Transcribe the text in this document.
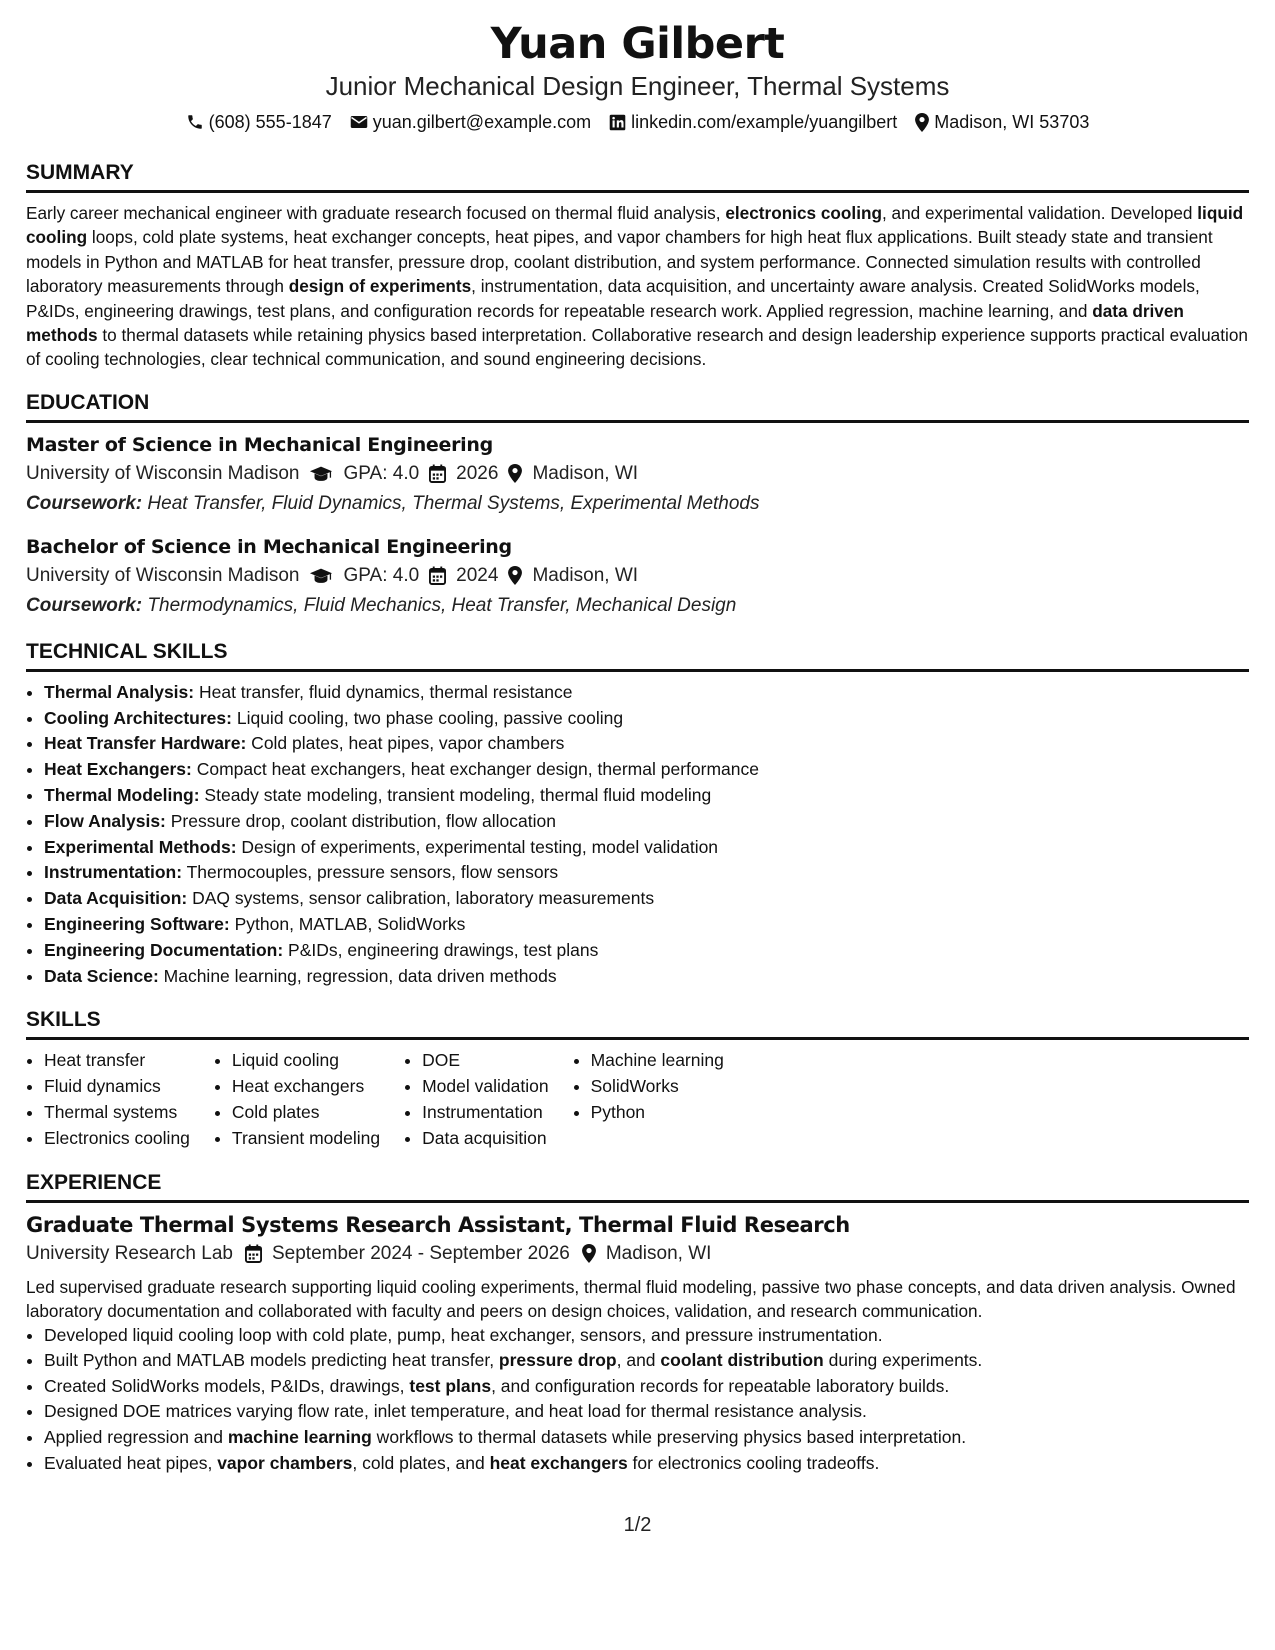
Yuan Gilbert
Junior Mechanical Design Engineer, Thermal Systems
(608) 555-1847 yuan.gilbert@example.com linkedin.com/example/yuangilbert Madison, WI 53703
SUMMARY
Early career mechanical engineer with graduate research focused on thermal fluid analysis, electronics cooling, and experimental validation. Developed liquid cooling loops, cold plate systems, heat exchanger concepts, heat pipes, and vapor chambers for high heat flux applications. Built steady state and transient models in Python and MATLAB for heat transfer, pressure drop, coolant distribution, and system performance. Connected simulation results with controlled laboratory measurements through design of experiments, instrumentation, data acquisition, and uncertainty aware analysis. Created SolidWorks models, P&IDs, engineering drawings, test plans, and configuration records for repeatable research work. Applied regression, machine learning, and data driven methods to thermal datasets while retaining physics based interpretation. Collaborative research and design leadership experience supports practical evaluation of cooling technologies, clear technical communication, and sound engineering decisions.
EDUCATION
Master of Science in Mechanical Engineering
University of Wisconsin Madison GPA: 4.0 2026 Madison, WI
Coursework: Heat Transfer, Fluid Dynamics, Thermal Systems, Experimental Methods
Bachelor of Science in Mechanical Engineering
University of Wisconsin Madison GPA: 4.0 2024 Madison, WI
Coursework: Thermodynamics, Fluid Mechanics, Heat Transfer, Mechanical Design
TECHNICAL SKILLS
• Thermal Analysis: Heat transfer, fluid dynamics, thermal resistance
• Cooling Architectures: Liquid cooling, two phase cooling, passive cooling
• Heat Transfer Hardware: Cold plates, heat pipes, vapor chambers
• Heat Exchangers: Compact heat exchangers, heat exchanger design, thermal performance
• Thermal Modeling: Steady state modeling, transient modeling, thermal fluid modeling
• Flow Analysis: Pressure drop, coolant distribution, flow allocation
• Experimental Methods: Design of experiments, experimental testing, model validation
• Instrumentation: Thermocouples, pressure sensors, flow sensors
• Data Acquisition: DAQ systems, sensor calibration, laboratory measurements
• Engineering Software: Python, MATLAB, SolidWorks
• Engineering Documentation: P&IDs, engineering drawings, test plans
• Data Science: Machine learning, regression, data driven methods
SKILLS
• Heat transfer
• Fluid dynamics
• Thermal systems
• Electronics cooling
• Liquid cooling
• Heat exchangers
• Cold plates
• Transient modeling
• DOE
• Model validation
• Instrumentation
• Data acquisition
• Machine learning
• SolidWorks
• Python
EXPERIENCE
Graduate Thermal Systems Research Assistant, Thermal Fluid Research
University Research Lab September 2024 - September 2026 Madison, WI
Led supervised graduate research supporting liquid cooling experiments, thermal fluid modeling, passive two phase concepts, and data driven analysis. Owned laboratory documentation and collaborated with faculty and peers on design choices, validation, and research communication.
• Developed liquid cooling loop with cold plate, pump, heat exchanger, sensors, and pressure instrumentation.
• Built Python and MATLAB models predicting heat transfer, pressure drop, and coolant distribution during experiments.
• Created SolidWorks models, P&IDs, drawings, test plans, and configuration records for repeatable laboratory builds.
• Designed DOE matrices varying flow rate, inlet temperature, and heat load for thermal resistance analysis.
• Applied regression and machine learning workflows to thermal datasets while preserving physics based interpretation.
• Evaluated heat pipes, vapor chambers, cold plates, and heat exchangers for electronics cooling tradeoffs.
1/2
